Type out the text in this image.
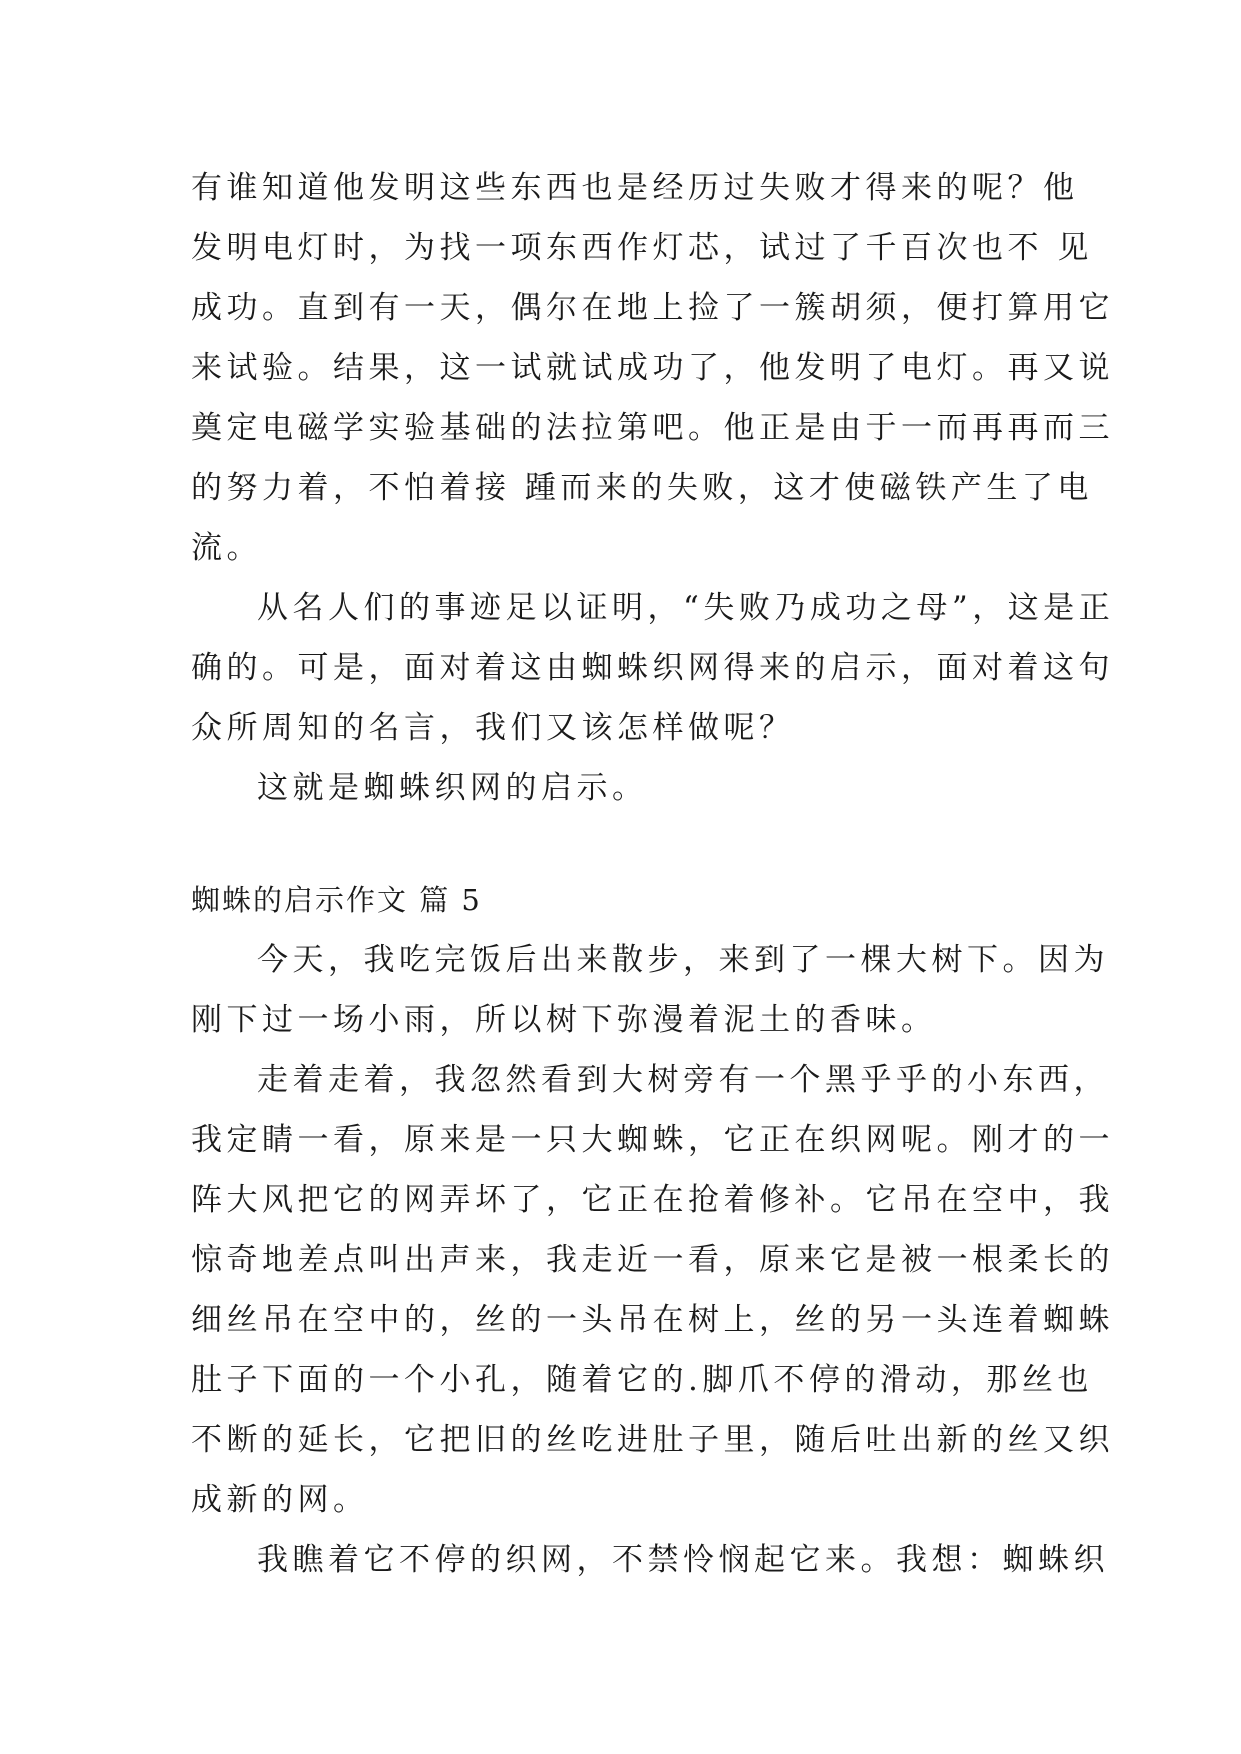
有谁知道他发明这些东西也是经历过失败才得来的呢？他
发明电灯时，为找一项东西作灯芯，试过了千百次也不 见
成功。直到有一天，偶尔在地上捡了一簇胡须，便打算用它
来试验。结果，这一试就试成功了，他发明了电灯。再又说
奠定电磁学实验基础的法拉第吧。他正是由于一而再再而三
的努力着，不怕着接 踵而来的失败，这才使磁铁产生了电
流。
从名人们的事迹足以证明，“失败乃成功之母”，这是正
确的。可是，面对着这由蜘蛛织网得来的启示，面对着这句
众所周知的名言，我们又该怎样做呢？
这就是蜘蛛织网的启示。
蜘蛛的启示作文 篇 5
今天，我吃完饭后出来散步，来到了一棵大树下。因为
刚下过一场小雨，所以树下弥漫着泥土的香味。
走着走着，我忽然看到大树旁有一个黑乎乎的小东西，
我定睛一看，原来是一只大蜘蛛，它正在织网呢。刚才的一
阵大风把它的网弄坏了，它正在抢着修补。它吊在空中，我
惊奇地差点叫出声来，我走近一看，原来它是被一根柔长的
细丝吊在空中的，丝的一头吊在树上，丝的另一头连着蜘蛛
肚子下面的一个小孔，随着它的.脚爪不停的滑动，那丝也
不断的延长，它把旧的丝吃进肚子里，随后吐出新的丝又织
成新的网。
我瞧着它不停的织网，不禁怜悯起它来。我想：蜘蛛织
